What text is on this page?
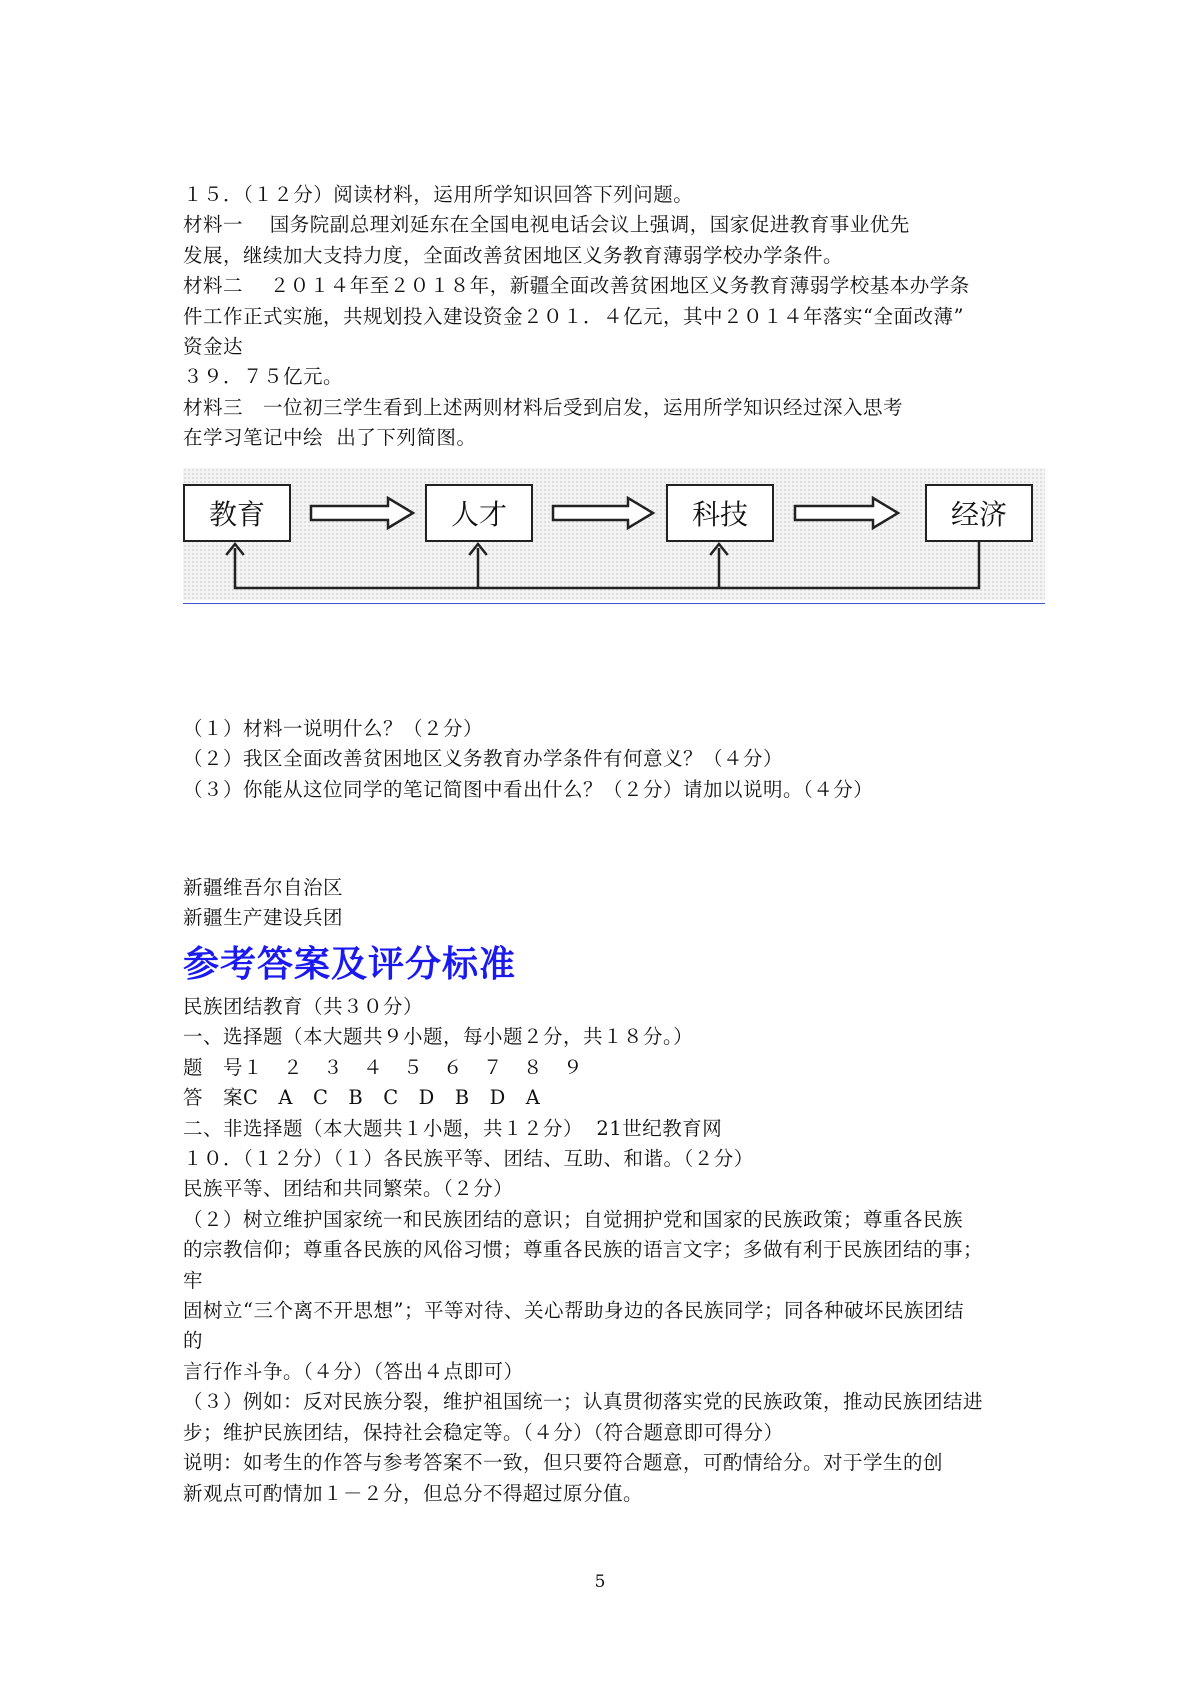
１５．（１２分）阅读材料，运用所学知识回答下列问题。
材料一　 国务院副总理刘延东在全国电视电话会议上强调，国家促进教育事业优先
发展，继续加大支持力度，全面改善贫困地区义务教育薄弱学校办学条件。
材料二　 ２０１４年至２０１８年，新疆全面改善贫困地区义务教育薄弱学校基本办学条
件工作正式实施，共规划投入建设资金２０１．４亿元，其中２０１４年落实“全面改薄”
资金达
３９．７５亿元。
材料三　一位初三学生看到上述两则材料后受到启发，运用所学知识经过深入思考
在学习笔记中绘  出了下列简图。
教育	人才	科技	经济
（１）材料一说明什么？（２分）
（２）我区全面改善贫困地区义务教育办学条件有何意义？（４分）
（３）你能从这位同学的笔记简图中看出什么？（２分）请加以说明。（４分）
新疆维吾尔自治区
新疆生产建设兵团
参考答案及评分标准
民族团结教育（共３０分）
一、选择题（本大题共９小题，每小题２分，共１８分。）
题　号１　２　３　４　５　６　７　８　９
答　案C　A　C　B　C　D　B　D　A
二、非选择题（本大题共１小题，共１２分）  21世纪教育网
１０．（１２分）（１）各民族平等、团结、互助、和谐。（２分）
民族平等、团结和共同繁荣。（２分）
（２）树立维护国家统一和民族团结的意识；自觉拥护党和国家的民族政策；尊重各民族
的宗教信仰；尊重各民族的风俗习惯；尊重各民族的语言文字；多做有利于民族团结的事；
牢
固树立“三个离不开思想”；平等对待、关心帮助身边的各民族同学；同各种破坏民族团结
的
言行作斗争。（４分）（答出４点即可）
（３）例如：反对民族分裂，维护祖国统一；认真贯彻落实党的民族政策，推动民族团结进
步；维护民族团结，保持社会稳定等。（４分）（符合题意即可得分）
说明：如考生的作答与参考答案不一致，但只要符合题意，可酌情给分。对于学生的创
新观点可酌情加１－２分，但总分不得超过原分值。
5
